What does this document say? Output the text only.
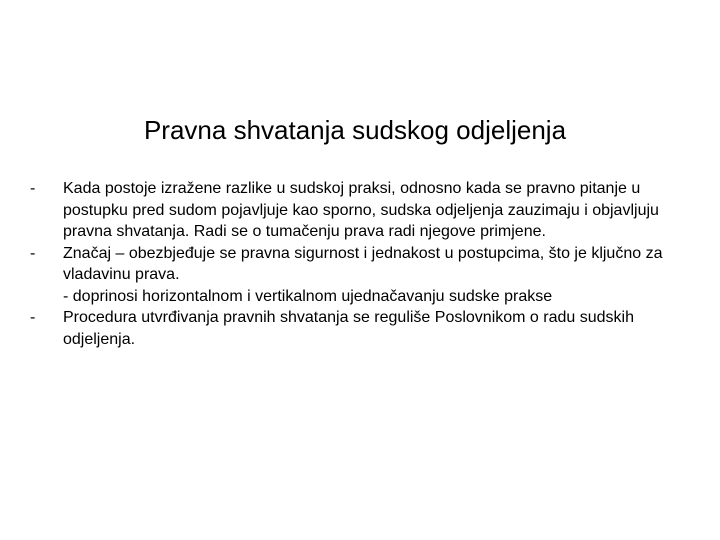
Pravna shvatanja sudskog odjeljenja
-	Kada postoje izražene razlike u sudskoj praksi, odnosno kada se pravno pitanje u postupku pred sudom pojavljuje kao sporno, sudska odjeljenja zauzimaju i objavljuju pravna shvatanja. Radi se o tumačenju prava radi njegove primjene.
-	Značaj – obezbjeđuje se pravna sigurnost i jednakost u postupcima, što je ključno za vladavinu prava.
- doprinosi horizontalnom i vertikalnom ujednačavanju sudske prakse
-	Procedura utvrđivanja pravnih shvatanja se reguliše Poslovnikom o radu sudskih odjeljenja.
